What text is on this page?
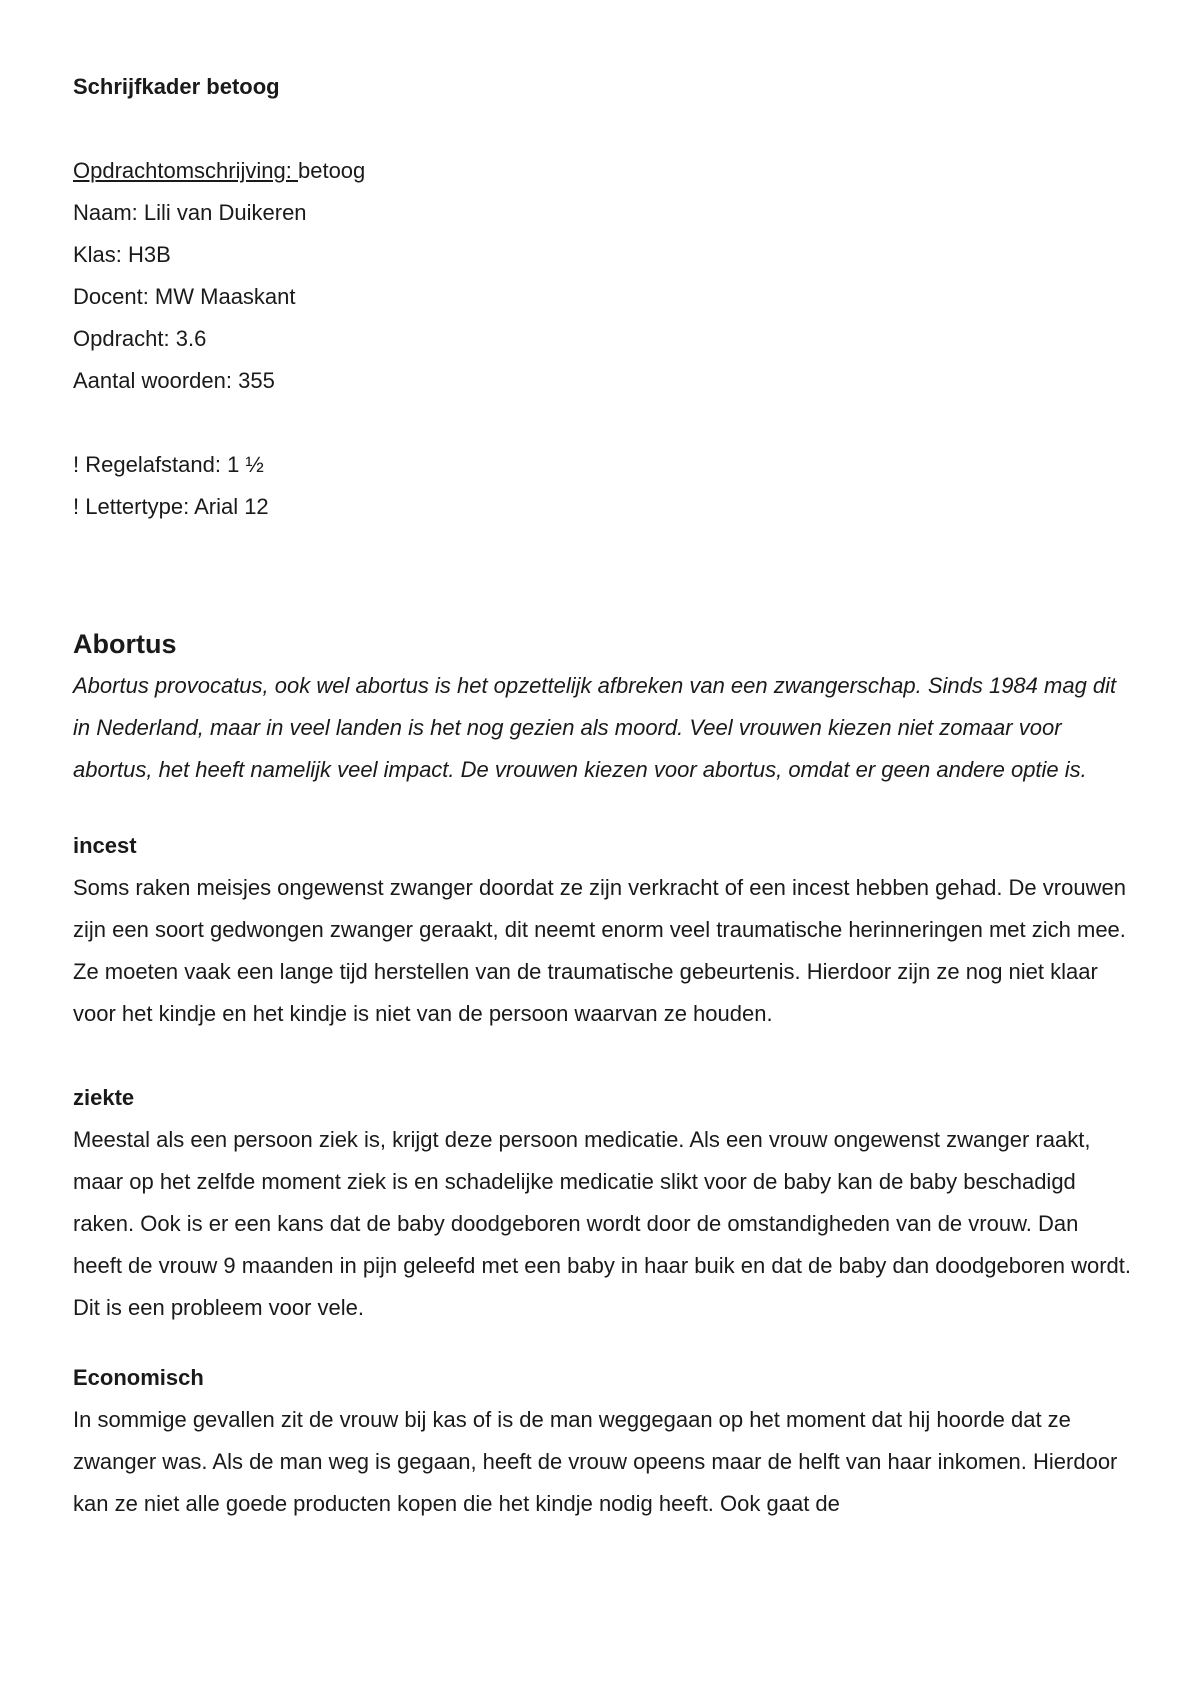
Schrijfkader betoog

Opdrachtomschrijving: betoog

Naam: Lili van Duikeren

Klas: H3B

Docent: MW Maaskant

Opdracht: 3.6

Aantal woorden: 355

! Regelafstand: 1 ½

! Lettertype: Arial 12

Abortus

Abortus provocatus, ook wel abortus is het opzettelijk afbreken van een zwangerschap. Sinds 1984 mag dit in Nederland, maar in veel landen is het nog gezien als moord. Veel vrouwen kiezen niet zomaar voor abortus, het heeft namelijk veel impact. De vrouwen kiezen voor abortus, omdat er geen andere optie is.

incest

Soms raken meisjes ongewenst zwanger doordat ze zijn verkracht of een incest hebben gehad. De vrouwen zijn een soort gedwongen zwanger geraakt, dit neemt enorm veel traumatische herinneringen met zich mee. Ze moeten vaak een lange tijd herstellen van de traumatische gebeurtenis. Hierdoor zijn ze nog niet klaar voor het kindje en het kindje is niet van de persoon waarvan ze houden.

ziekte

Meestal als een persoon ziek is, krijgt deze persoon medicatie. Als een vrouw ongewenst zwanger raakt, maar op het zelfde moment ziek is en schadelijke medicatie slikt voor de baby kan de baby beschadigd raken. Ook is er een kans dat de baby doodgeboren wordt door de omstandigheden van de vrouw. Dan heeft de vrouw 9 maanden in pijn geleefd met een baby in haar buik en dat de baby dan doodgeboren wordt. Dit is een probleem voor vele.

Economisch

In sommige gevallen zit de vrouw bij kas of is de man weggegaan op het moment dat hij hoorde dat ze zwanger was. Als de man weg is gegaan, heeft de vrouw opeens maar de helft van haar inkomen. Hierdoor kan ze niet alle goede producten kopen die het kindje nodig heeft. Ook gaat de
